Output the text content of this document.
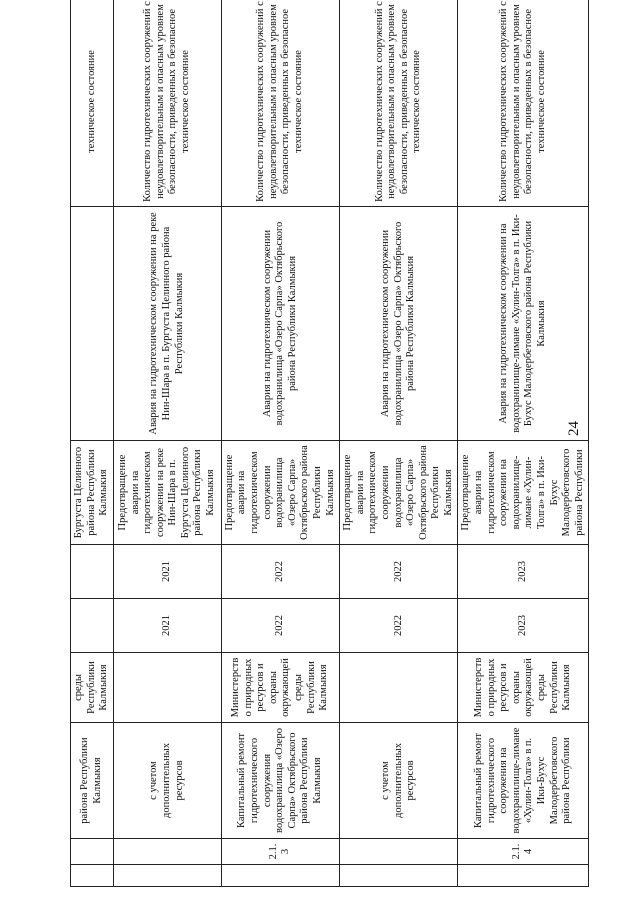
		района Республики Калмыкия	среды Республики Калмыкия			Бургуста Целинного района Республики Калмыкия		техническое состояние
		с учетом дополнительных ресурсов		2021	2021	Предотвращение аварии на гидротехническом сооружении на реке Нин-Шара в п. Бургуста Целинного района Республики Калмыкия	Авария на гидротехническом сооружении на реке Нин-Шара в п. Бургуста Целинного района Республики Калмыкия	Количество гидротехнических сооружений с неудовлетворительным и опасным уровнем безопасности, приведенных в безопасное техническое состояние
	2.1.3	Капитальный ремонт гидротехнического сооружения водохранилища «Озеро Сарпа» Октябрьского района Республики Калмыкия	Министерство природных ресурсов и охраны окружающей среды Республики Калмыкия	2022	2022	Предотвращение аварии на гидротехническом сооружении водохранилища «Озеро Сарпа» Октябрьского района Республики Калмыкия	Авария на гидротехническом сооружении водохранилища «Озеро Сарпа» Октябрьского района Республики Калмыкия	Количество гидротехнических сооружений с неудовлетворительным и опасным уровнем безопасности, приведенных в безопасное техническое состояние
		с учетом дополнительных ресурсов		2022	2022	Предотвращение аварии на гидротехническом сооружении водохранилища «Озеро Сарпа» Октябрьского района Республики Калмыкия	Авария на гидротехническом сооружении водохранилища «Озеро Сарпа» Октябрьского района Республики Калмыкия	Количество гидротехнических сооружений с неудовлетворительным и опасным уровнем безопасности, приведенных в безопасное техническое состояние
	2.1.4	Капитальный ремонт гидротехнического сооружения на водохранилище-лимане «Хулин-Толга» в п. Ики-Бухус Малодербетовского района Республики	Министерство природных ресурсов и охраны окружающей среды Республики Калмыкия	2023	2023	Предотвращение аварии на гидротехническом сооружении на водохранилище-лимане «Хулин-Толга» в п. Ики-Бухус Малодербетовского района Республики	Авария на гидротехническом сооружении на водохранилище-лимане «Хулин-Толга» в п. Ики-Бухус Малодербетовского района Республики Калмыкия	Количество гидротехнических сооружений с неудовлетворительным и опасным уровнем безопасности, приведенных в безопасное техническое состояние
24
